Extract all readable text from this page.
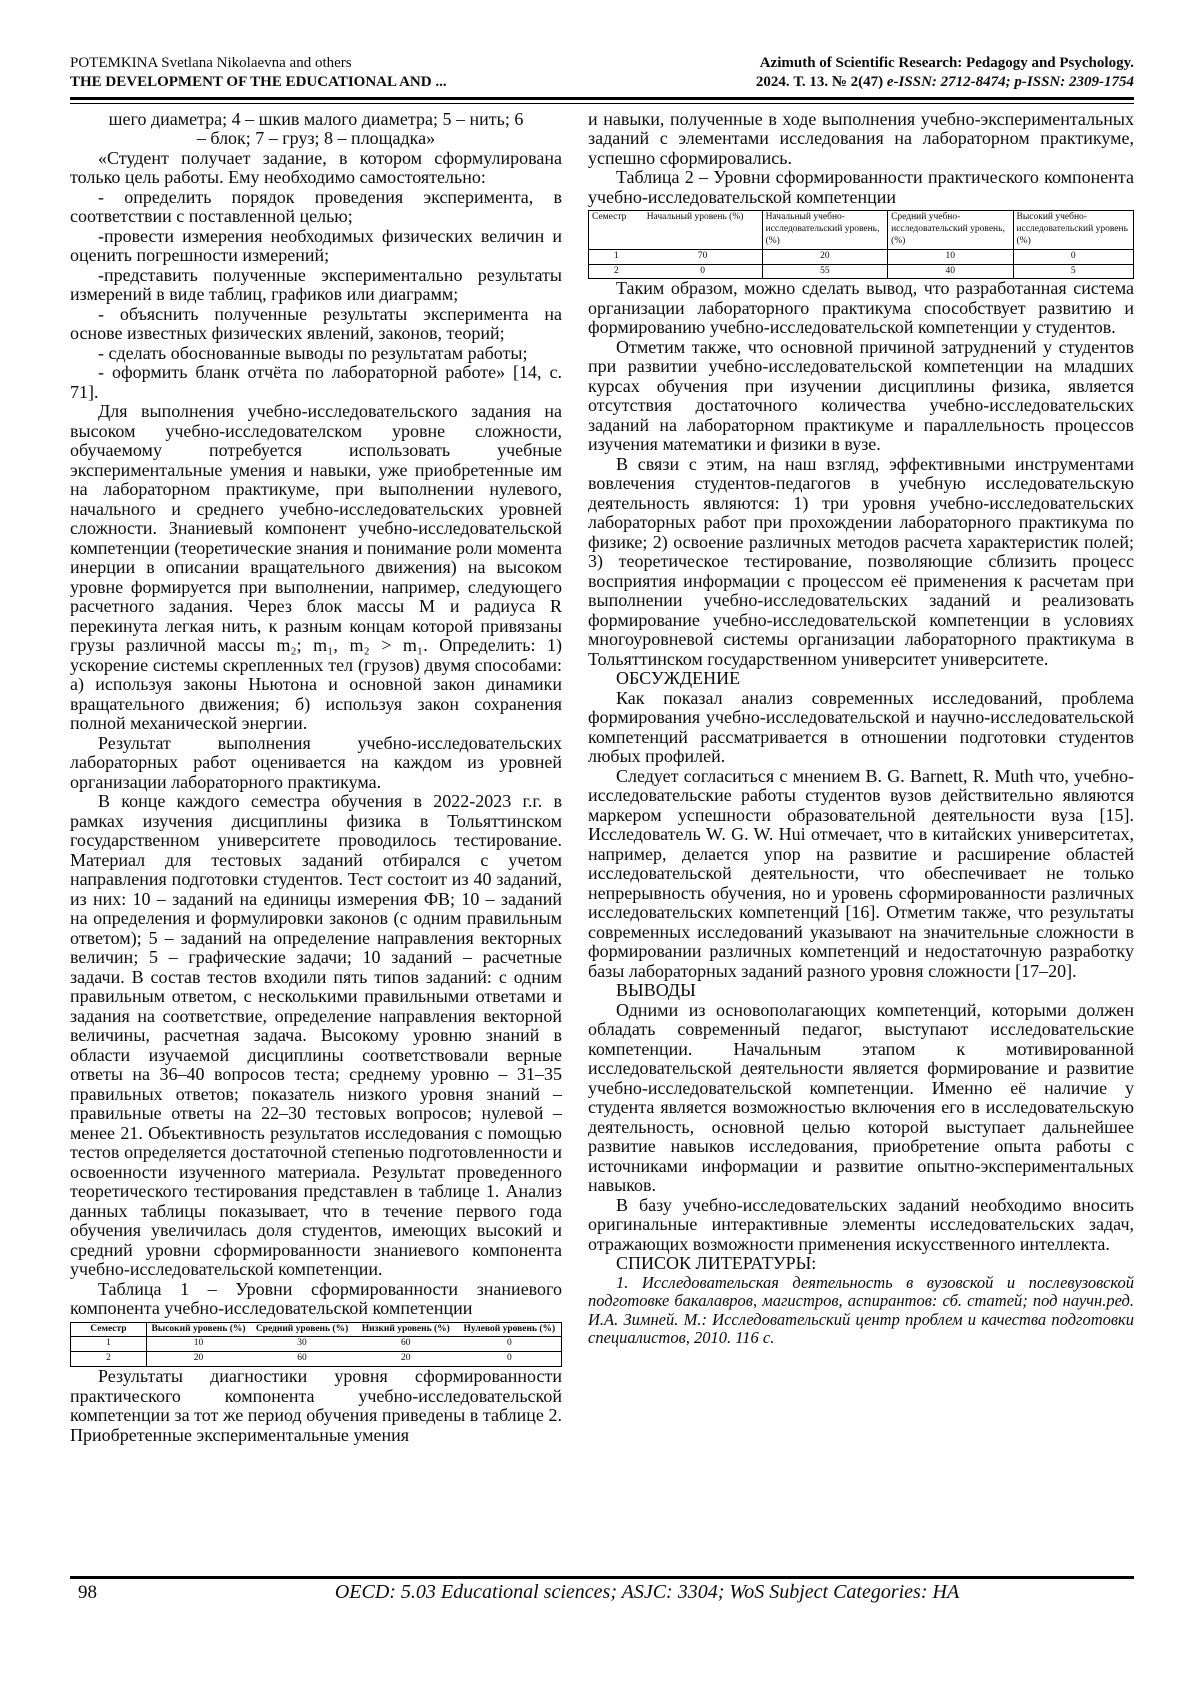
POTEMKINA Svetlana Nikolaevna and others
THE DEVELOPMENT OF THE EDUCATIONAL AND ...
Azimuth of Scientific Research: Pedagogy and Psychology.
2024. Т. 13. № 2(47) e-ISSN: 2712-8474; p-ISSN: 2309-1754
шего диаметра; 4 – шкив малого диаметра; 5 – нить; 6
– блок; 7 – груз; 8 – площадка»

«Студент получает задание, в котором сформулирована только цель работы. Ему необходимо самостоятельно:

- определить порядок проведения эксперимента, в соответствии с поставленной целью;

-провести измерения необходимых физических величин и оценить погрешности измерений;

-представить полученные экспериментально результаты измерений в виде таблиц, графиков или диаграмм;

- объяснить полученные результаты эксперимента на основе известных физических явлений, законов, теорий;

- сделать обоснованные выводы по результатам работы;

- оформить бланк отчёта по лабораторной работе» [14, с. 71].

Для выполнения учебно-исследовательского задания на высоком учебно-исследователском уровне сложности, обучаемому потребуется использовать учебные экспериментальные умения и навыки, уже приобретенные им на лабораторном практикуме, при выполнении нулевого, начального и среднего учебно-исследовательских уровней сложности. Знаниевый компонент учебно-исследовательской компетенции (теоретические знания и понимание роли момента инерции в описании вращательного движения) на высоком уровне формируется при выполнении, например, следующего расчетного задания. Через блок массы M и радиуса R перекинута легкая нить, к разным концам которой привязаны грузы различной массы m₂; m₁, m₂ > m₁. Определить: 1) ускорение системы скрепленных тел (грузов) двумя способами: а) используя законы Ньютона и основной закон динамики вращательного движения; б) используя закон сохранения полной механической энергии.

Результат выполнения учебно-исследовательских лабораторных работ оценивается на каждом из уровней организации лабораторного практикума.

В конце каждого семестра обучения в 2022-2023 г.г. в рамках изучения дисциплины физика в Тольяттинском государственном университете проводилось тестирование. Материал для тестовых заданий отбирался с учетом направления подготовки студентов. Тест состоит из 40 заданий, из них: 10 – заданий на единицы измерения ФВ; 10 – заданий на определения и формулировки законов (с одним правильным ответом); 5 – заданий на определение направления векторных величин; 5 – графические задачи; 10 заданий – расчетные задачи. В состав тестов входили пять типов заданий: с одним правильным ответом, с несколькими правильными ответами и задания на соответствие, определение направления векторной величины, расчетная задача. Высокому уровню знаний в области изучаемой дисциплины соответствовали верные ответы на 36–40 вопросов теста; среднему уровню – 31–35 правильных ответов; показатель низкого уровня знаний – правильные ответы на 22–30 тестовых вопросов; нулевой – менее 21. Объективность результатов исследования с помощью тестов определяется достаточной степенью подготовленности и освоенности изученного материала. Результат проведенного теоретического тестирования представлен в таблице 1. Анализ данных таблицы показывает, что в течение первого года обучения увеличилась доля студентов, имеющих высокий и средний уровни сформированности знаниевого компонента учебно-исследовательской компетенции.

Таблица 1 – Уровни сформированности знаниевого компонента учебно-исследовательской компетенции

Семестр	Высокий уровень (%)	Средний уровень (%)	Низкий уровень (%)	Нулевой уровень (%)
1	10	30	60	0
2	20	60	20	0

Результаты диагностики уровня сформированности практического компонента учебно-исследовательской компетенции за тот же период обучения приведены в таблице 2. Приобретенные экспериментальные умения

и навыки, полученные в ходе выполнения учебно-экспериментальных заданий с элементами исследования на лабораторном практикуме, успешно сформировались.

Таблица 2 – Уровни сформированности практического компонента учебно-исследовательской компетенции

Семестр	Начальный уровень (%)	Начальный учебно-исследовательский уровень, (%)	Средний учебно-исследовательский уровень, (%)	Высокий учебно-исследовательский уровень (%)
1	70	20	10	0
2	0	55	40	5

Таким образом, можно сделать вывод, что разработанная система организации лабораторного практикума способствует развитию и формированию учебно-исследовательской компетенции у студентов.

Отметим также, что основной причиной затруднений у студентов при развитии учебно-исследовательской компетенции на младших курсах обучения при изучении дисциплины физика, является отсутствия достаточного количества учебно-исследовательских заданий на лабораторном практикуме и параллельность процессов изучения математики и физики в вузе.

В связи с этим, на наш взгляд, эффективными инструментами вовлечения студентов-педагогов в учебную исследовательскую деятельность являются: 1) три уровня учебно-исследовательских лабораторных работ при прохождении лабораторного практикума по физике; 2) освоение различных методов расчета характеристик полей; 3) теоретическое тестирование, позволяющие сблизить процесс восприятия информации с процессом её применения к расчетам при выполнении учебно-исследовательских заданий и реализовать формирование учебно-исследовательской компетенции в условиях многоуровневой системы организации лабораторного практикума в Тольяттинском государственном университет университете.

ОБСУЖДЕНИЕ

Как показал анализ современных исследований, проблема формирования учебно-исследовательской и научно-исследовательской компетенций рассматривается в отношении подготовки студентов любых профилей.

Следует согласиться с мнением B. G. Barnett, R. Muth что, учебно-исследовательские работы студентов вузов действительно являются маркером успешности образовательной деятельности вуза [15]. Исследователь W. G. W. Hui отмечает, что в китайских университетах, например, делается упор на развитие и расширение областей исследовательской деятельности, что обеспечивает не только непрерывность обучения, но и уровень сформированности различных исследовательских компетенций [16]. Отметим также, что результаты современных исследований указывают на значительные сложности в формировании различных компетенций и недостаточную разработку базы лабораторных заданий разного уровня сложности [17–20].

ВЫВОДЫ

Одними из основополагающих компетенций, которыми должен обладать современный педагог, выступают исследовательские компетенции. Начальным этапом к мотивированной исследовательской деятельности является формирование и развитие учебно-исследовательской компетенции. Именно её наличие у студента является возможностью включения его в исследовательскую деятельность, основной целью которой выступает дальнейшее развитие навыков исследования, приобретение опыта работы с источниками информации и развитие опытно-экспериментальных навыков.

В базу учебно-исследовательских заданий необходимо вносить оригинальные интерактивные элементы исследовательских задач, отражающих возможности применения искусственного интеллекта.

СПИСОК ЛИТЕРАТУРЫ:

1. Исследовательская деятельность в вузовской и послевузовской подготовке бакалавров, магистров, аспирантов: сб. статей; под научн.ред. И.А. Зимней. М.: Исследовательский центр проблем и качества подготовки специалистов, 2010. 116 с.

98	OECD: 5.03 Educational sciences; ASJC: 3304; WoS Subject Categories: HA
